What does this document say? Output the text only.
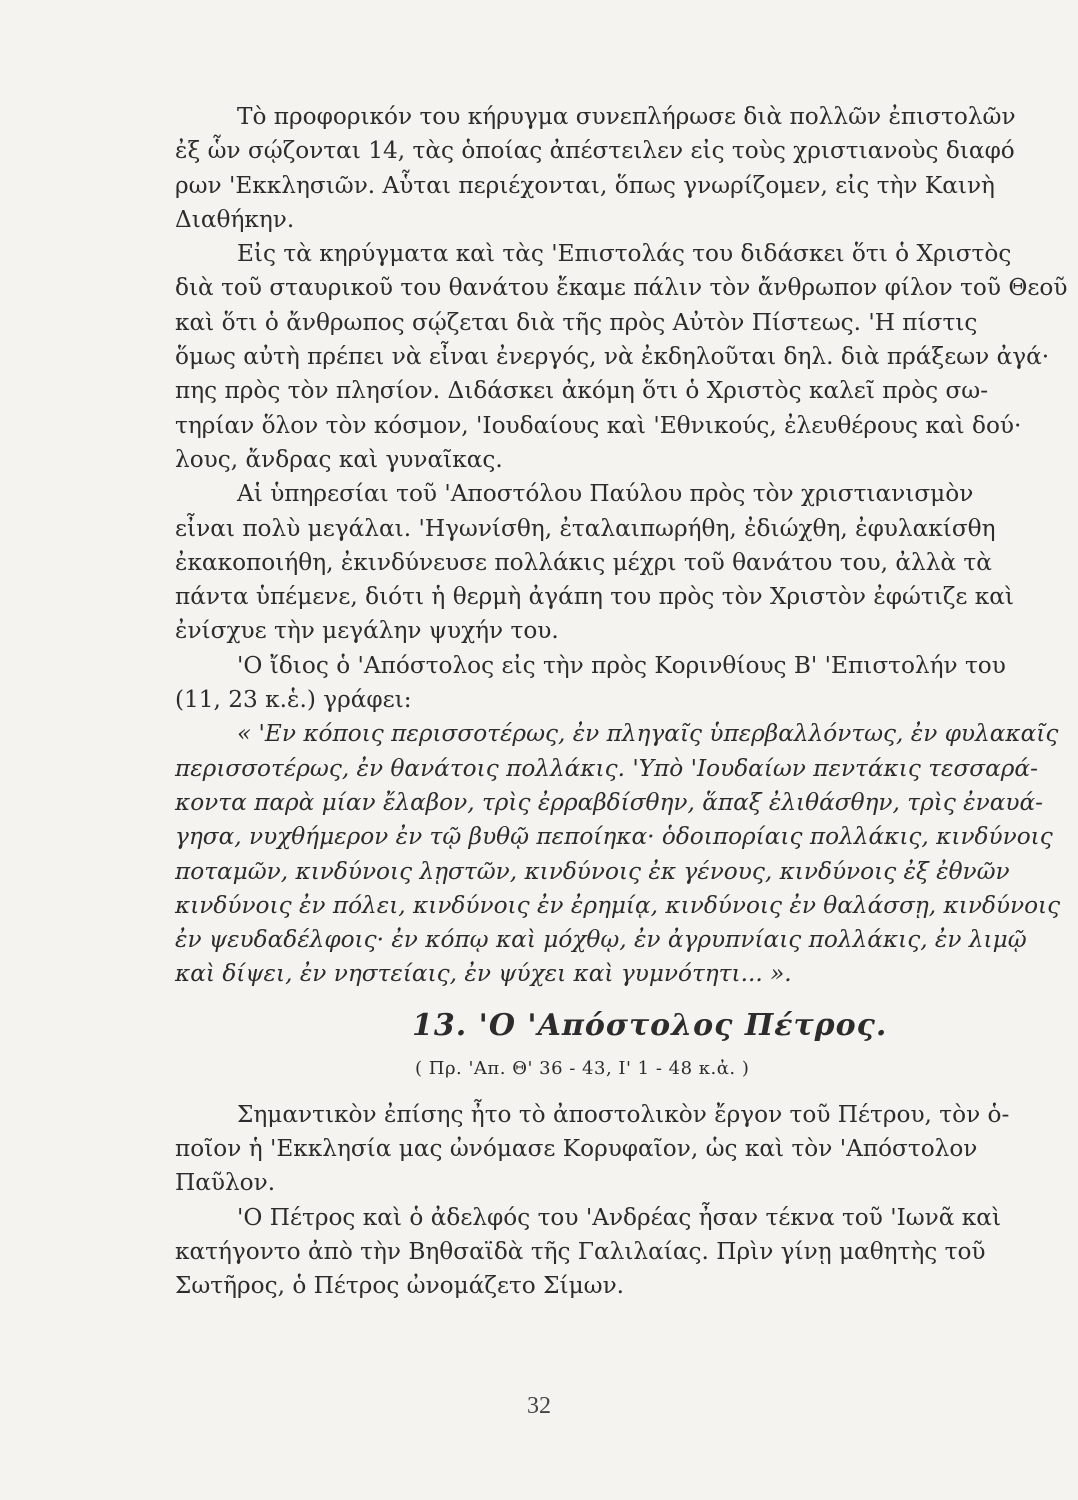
Τὸ προφορικόν του κήρυγμα συνεπλήρωσε διὰ πολλῶν ἐπιστολῶν
ἐξ ὧν σῴζονται 14, τὰς ὁποίας ἀπέστειλεν εἰς τοὺς χριστιανοὺς διαφό
ρων 'Εκκλησιῶν. Αὗται περιέχονται, ὅπως γνωρίζομεν, εἰς τὴν Καινὴ
Διαθήκην.

Εἰς τὰ κηρύγματα καὶ τὰς 'Επιστολάς του διδάσκει ὅτι ὁ Χριστὸς
διὰ τοῦ σταυρικοῦ του θανάτου ἔκαμε πάλιν τὸν ἄνθρωπον φίλον τοῦ Θεοῦ
καὶ ὅτι ὁ ἄνθρωπος σῴζεται διὰ τῆς πρὸς Αὐτὸν Πίστεως. 'Η πίστις
ὅμως αὐτὴ πρέπει νὰ εἶναι ἐνεργός, νὰ ἐκδηλοῦται δηλ. διὰ πράξεων ἀγά·
πης πρὸς τὸν πλησίον. Διδάσκει ἀκόμη ὅτι ὁ Χριστὸς καλεῖ πρὸς σω-
τηρίαν ὅλον τὸν κόσμον, 'Ιουδαίους καὶ 'Εθνικούς, ἐλευθέρους καὶ δού·
λους, ἄνδρας καὶ γυναῖκας.

Αἱ ὑπηρεσίαι τοῦ 'Αποστόλου Παύλου πρὸς τὸν χριστιανισμὸν
εἶναι πολὺ μεγάλαι. 'Ηγωνίσθη, ἐταλαιπωρήθη, ἐδιώχθη, ἐφυλακίσθη
ἐκακοποιήθη, ἐκινδύνευσε πολλάκις μέχρι τοῦ θανάτου του, ἀλλὰ τὰ
πάντα ὑπέμενε, διότι ἡ θερμὴ ἀγάπη του πρὸς τὸν Χριστὸν ἐφώτιζε καὶ
ἐνίσχυε τὴν μεγάλην ψυχήν του.

'Ο ἴδιος ὁ 'Απόστολος εἰς τὴν πρὸς Κορινθίους Β' 'Επιστολήν του
(11, 23 κ.ἑ.) γράφει:

« 'Εν κόποις περισσοτέρως, ἐν πληγαῖς ὑπερβαλλόντως, ἐν φυλακαῖς
περισσοτέρως, ἐν θανάτοις πολλάκις. 'Υπὸ 'Ιουδαίων πεντάκις τεσσαρά-
κοντα παρὰ μίαν ἔλαβον, τρὶς ἐρραβδίσθην, ἅπαξ ἐλιθάσθην, τρὶς ἐναυά-
γησα, νυχθήμερον ἐν τῷ βυθῷ πεποίηκα· ὁδοιπορίαις πολλάκις, κινδύνοις
ποταμῶν, κινδύνοις λῃστῶν, κινδύνοις ἐκ γένους, κινδύνοις ἐξ ἐθνῶν
κινδύνοις ἐν πόλει, κινδύνοις ἐν ἐρημίᾳ, κινδύνοις ἐν θαλάσσῃ, κινδύνοις
ἐν ψευδαδέλφοις· ἐν κόπῳ καὶ μόχθῳ, ἐν ἀγρυπνίαις πολλάκις, ἐν λιμῷ
καὶ δίψει, ἐν νηστείαις, ἐν ψύχει καὶ γυμνότητι... ».

13. 'Ο 'Απόστολος Πέτρος.
( Πρ. 'Απ. Θ' 36 - 43, Ι' 1 - 48 κ.ἀ. )

Σημαντικὸν ἐπίσης ἦτο τὸ ἀποστολικὸν ἔργον τοῦ Πέτρου, τὸν ὁ-
ποῖον ἡ 'Εκκλησία μας ὠνόμασε Κορυφαῖον, ὡς καὶ τὸν 'Απόστολον
Παῦλον.

'Ο Πέτρος καὶ ὁ ἀδελφός του 'Ανδρέας ἦσαν τέκνα τοῦ 'Ιωνᾶ καὶ
κατήγοντο ἀπὸ τὴν Βηθσαϊδὰ τῆς Γαλιλαίας. Πρὶν γίνῃ μαθητὴς τοῦ
Σωτῆρος, ὁ Πέτρος ὠνομάζετο Σίμων.

32
